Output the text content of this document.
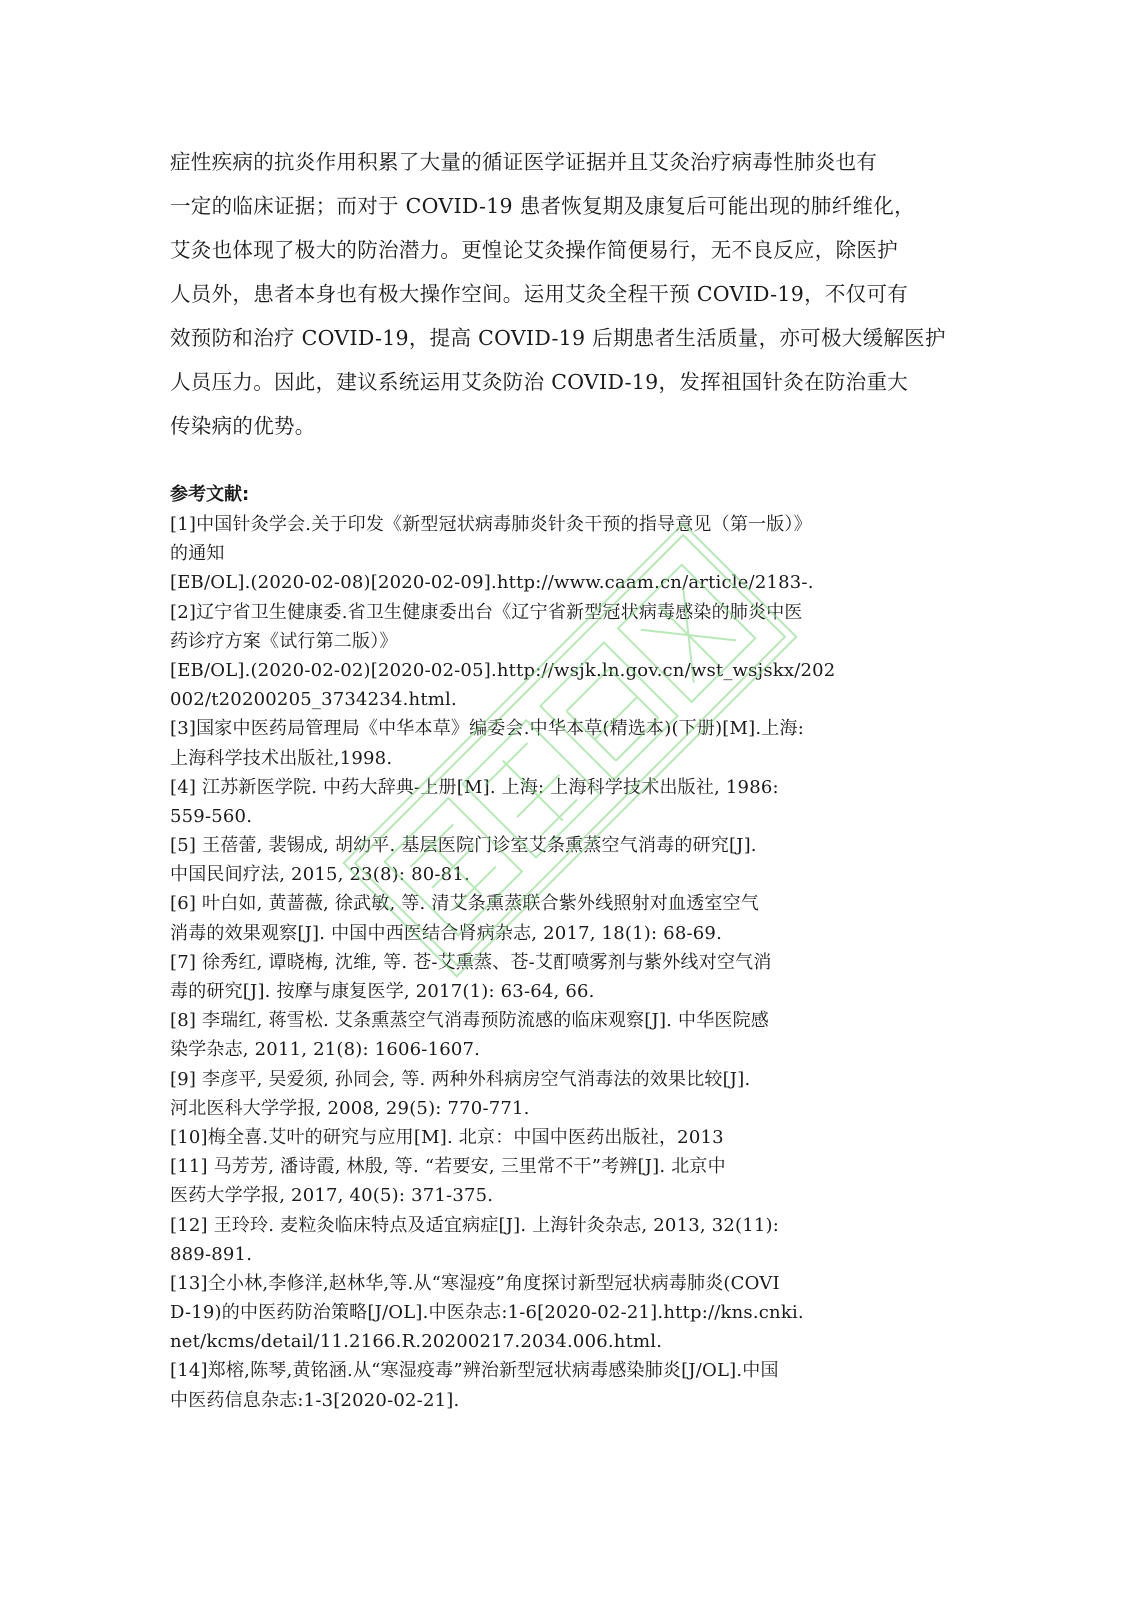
症性疾病的抗炎作用积累了大量的循证医学证据并且艾灸治疗病毒性肺炎也有
一定的临床证据；而对于 COVID-19 患者恢复期及康复后可能出现的肺纤维化，
艾灸也体现了极大的防治潜力。更惶论艾灸操作简便易行，无不良反应，除医护
人员外，患者本身也有极大操作空间。运用艾灸全程干预 COVID-19，不仅可有
效预防和治疗 COVID-19，提高 COVID-19 后期患者生活质量，亦可极大缓解医护
人员压力。因此，建议系统运用艾灸防治 COVID-19，发挥祖国针灸在防治重大
传染病的优势。
参考文献:
[1]中国针灸学会.关于印发《新型冠状病毒肺炎针灸干预的指导意见（第一版）》
的通知
[EB/OL].(2020-02-08)[2020-02-09].http://www.caam.cn/article/2183-.
[2]辽宁省卫生健康委.省卫生健康委出台《辽宁省新型冠状病毒感染的肺炎中医
药诊疗方案《试行第二版）》
[EB/OL].(2020-02-02)[2020-02-05].http://wsjk.ln.gov.cn/wst_wsjskx/202
002/t20200205_3734234.html.
[3]国家中医药局管理局《中华本草》编委会.中华本草(精选本)(下册)[M].上海:
上海科学技术出版社,1998.
[4] 江苏新医学院. 中药大辞典-上册[M]. 上海: 上海科学技术出版社, 1986:
559-560.
[5] 王蓓蕾, 裴锡成, 胡幼平. 基层医院门诊室艾条熏蒸空气消毒的研究[J].
中国民间疗法, 2015, 23(8): 80-81.
[6] 叶白如, 黄蔷薇, 徐武敏, 等. 清艾条熏蒸联合紫外线照射对血透室空气
消毒的效果观察[J]. 中国中西医结合肾病杂志, 2017, 18(1): 68-69.
[7] 徐秀红, 谭晓梅, 沈维, 等. 苍-艾熏蒸、苍-艾酊喷雾剂与紫外线对空气消
毒的研究[J]. 按摩与康复医学, 2017(1): 63-64, 66.
[8] 李瑞红, 蒋雪松. 艾条熏蒸空气消毒预防流感的临床观察[J]. 中华医院感
染学杂志, 2011, 21(8): 1606-1607.
[9] 李彦平, 吴爱须, 孙同会, 等. 两种外科病房空气消毒法的效果比较[J].
河北医科大学学报, 2008, 29(5): 770-771.
[10]梅全喜.艾叶的研究与应用[M]. 北京：中国中医药出版社，2013
[11] 马芳芳, 潘诗霞, 林殷, 等. “若要安, 三里常不干”考辨[J]. 北京中
医药大学学报, 2017, 40(5): 371-375.
[12] 王玲玲. 麦粒灸临床特点及适宜病症[J]. 上海针灸杂志, 2013, 32(11):
889-891.
[13]仝小林,李修洋,赵林华,等.从“寒湿疫”角度探讨新型冠状病毒肺炎(COVI
D-19)的中医药防治策略[J/OL].中医杂志:1-6[2020-02-21].http://kns.cnki.
net/kcms/detail/11.2166.R.20200217.2034.006.html.
[14]郑榕,陈琴,黄铭涵.从“寒湿疫毒”辨治新型冠状病毒感染肺炎[J/OL].中国
中医药信息杂志:1-3[2020-02-21].
